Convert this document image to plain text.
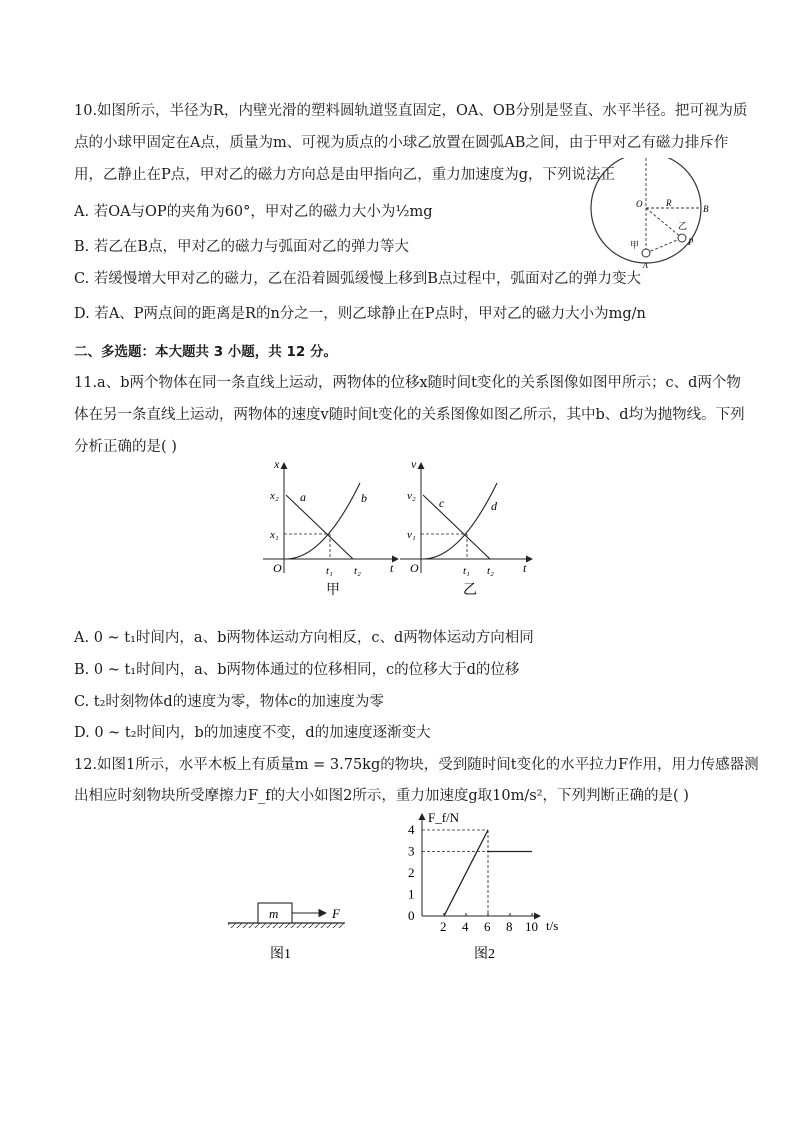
10.如图所示，半径为R，内壁光滑的塑料圆轨道竖直固定，OA、OB分别是竖直、水平半径。把可视为质
点的小球甲固定在A点，质量为m、可视为质点的小球乙放置在圆弧AB之间，由于甲对乙有磁力排斥作
用，乙静止在P点，甲对乙的磁力方向总是由甲指向乙，重力加速度为g，下列说法正
A. 若OA与OP的夹角为60°，甲对乙的磁力大小为½mg
B. 若乙在B点，甲对乙的磁力与弧面对乙的弹力等大
C. 若缓慢增大甲对乙的磁力，乙在沿着圆弧缓慢上移到B点过程中，弧面对乙的弹力变大
D. 若A、P两点间的距离是R的n分之一，则乙球静止在P点时，甲对乙的磁力大小为mg/n
O	R
B
A
P
甲
乙
二、多选题：本大题共 3 小题，共 12 分。
11.a、b两个物体在同一条直线上运动，两物体的位移x随时间t变化的关系图像如图甲所示；c、d两个物
体在另一条直线上运动，两物体的速度v随时间t变化的关系图像如图乙所示，其中b、d均为抛物线。下列
分析正确的是( )
x
x₂
x₁
a	b
O	t₁ t₂ t
甲
v
v₂
v₁
c	d
O	t₁ t₂ t
乙
A. 0 ~ t₁时间内，a、b两物体运动方向相反，c、d两物体运动方向相同
B. 0 ~ t₁时间内，a、b两物体通过的位移相同，c的位移大于d的位移
C. t₂时刻物体d的速度为零，物体c的加速度为零
D. 0 ~ t₂时间内，b的加速度不变，d的加速度逐渐变大
12.如图1所示，水平木板上有质量m = 3.75kg的物块，受到随时间t变化的水平拉力F作用，用力传感器测
出相应时刻物块所受摩擦力F_f的大小如图2所示，重力加速度g取10m/s²，下列判断正确的是( )
m	F
图1
0
1
2
3
4
2 4 6 8 10
F_f/N
t/s
图2
